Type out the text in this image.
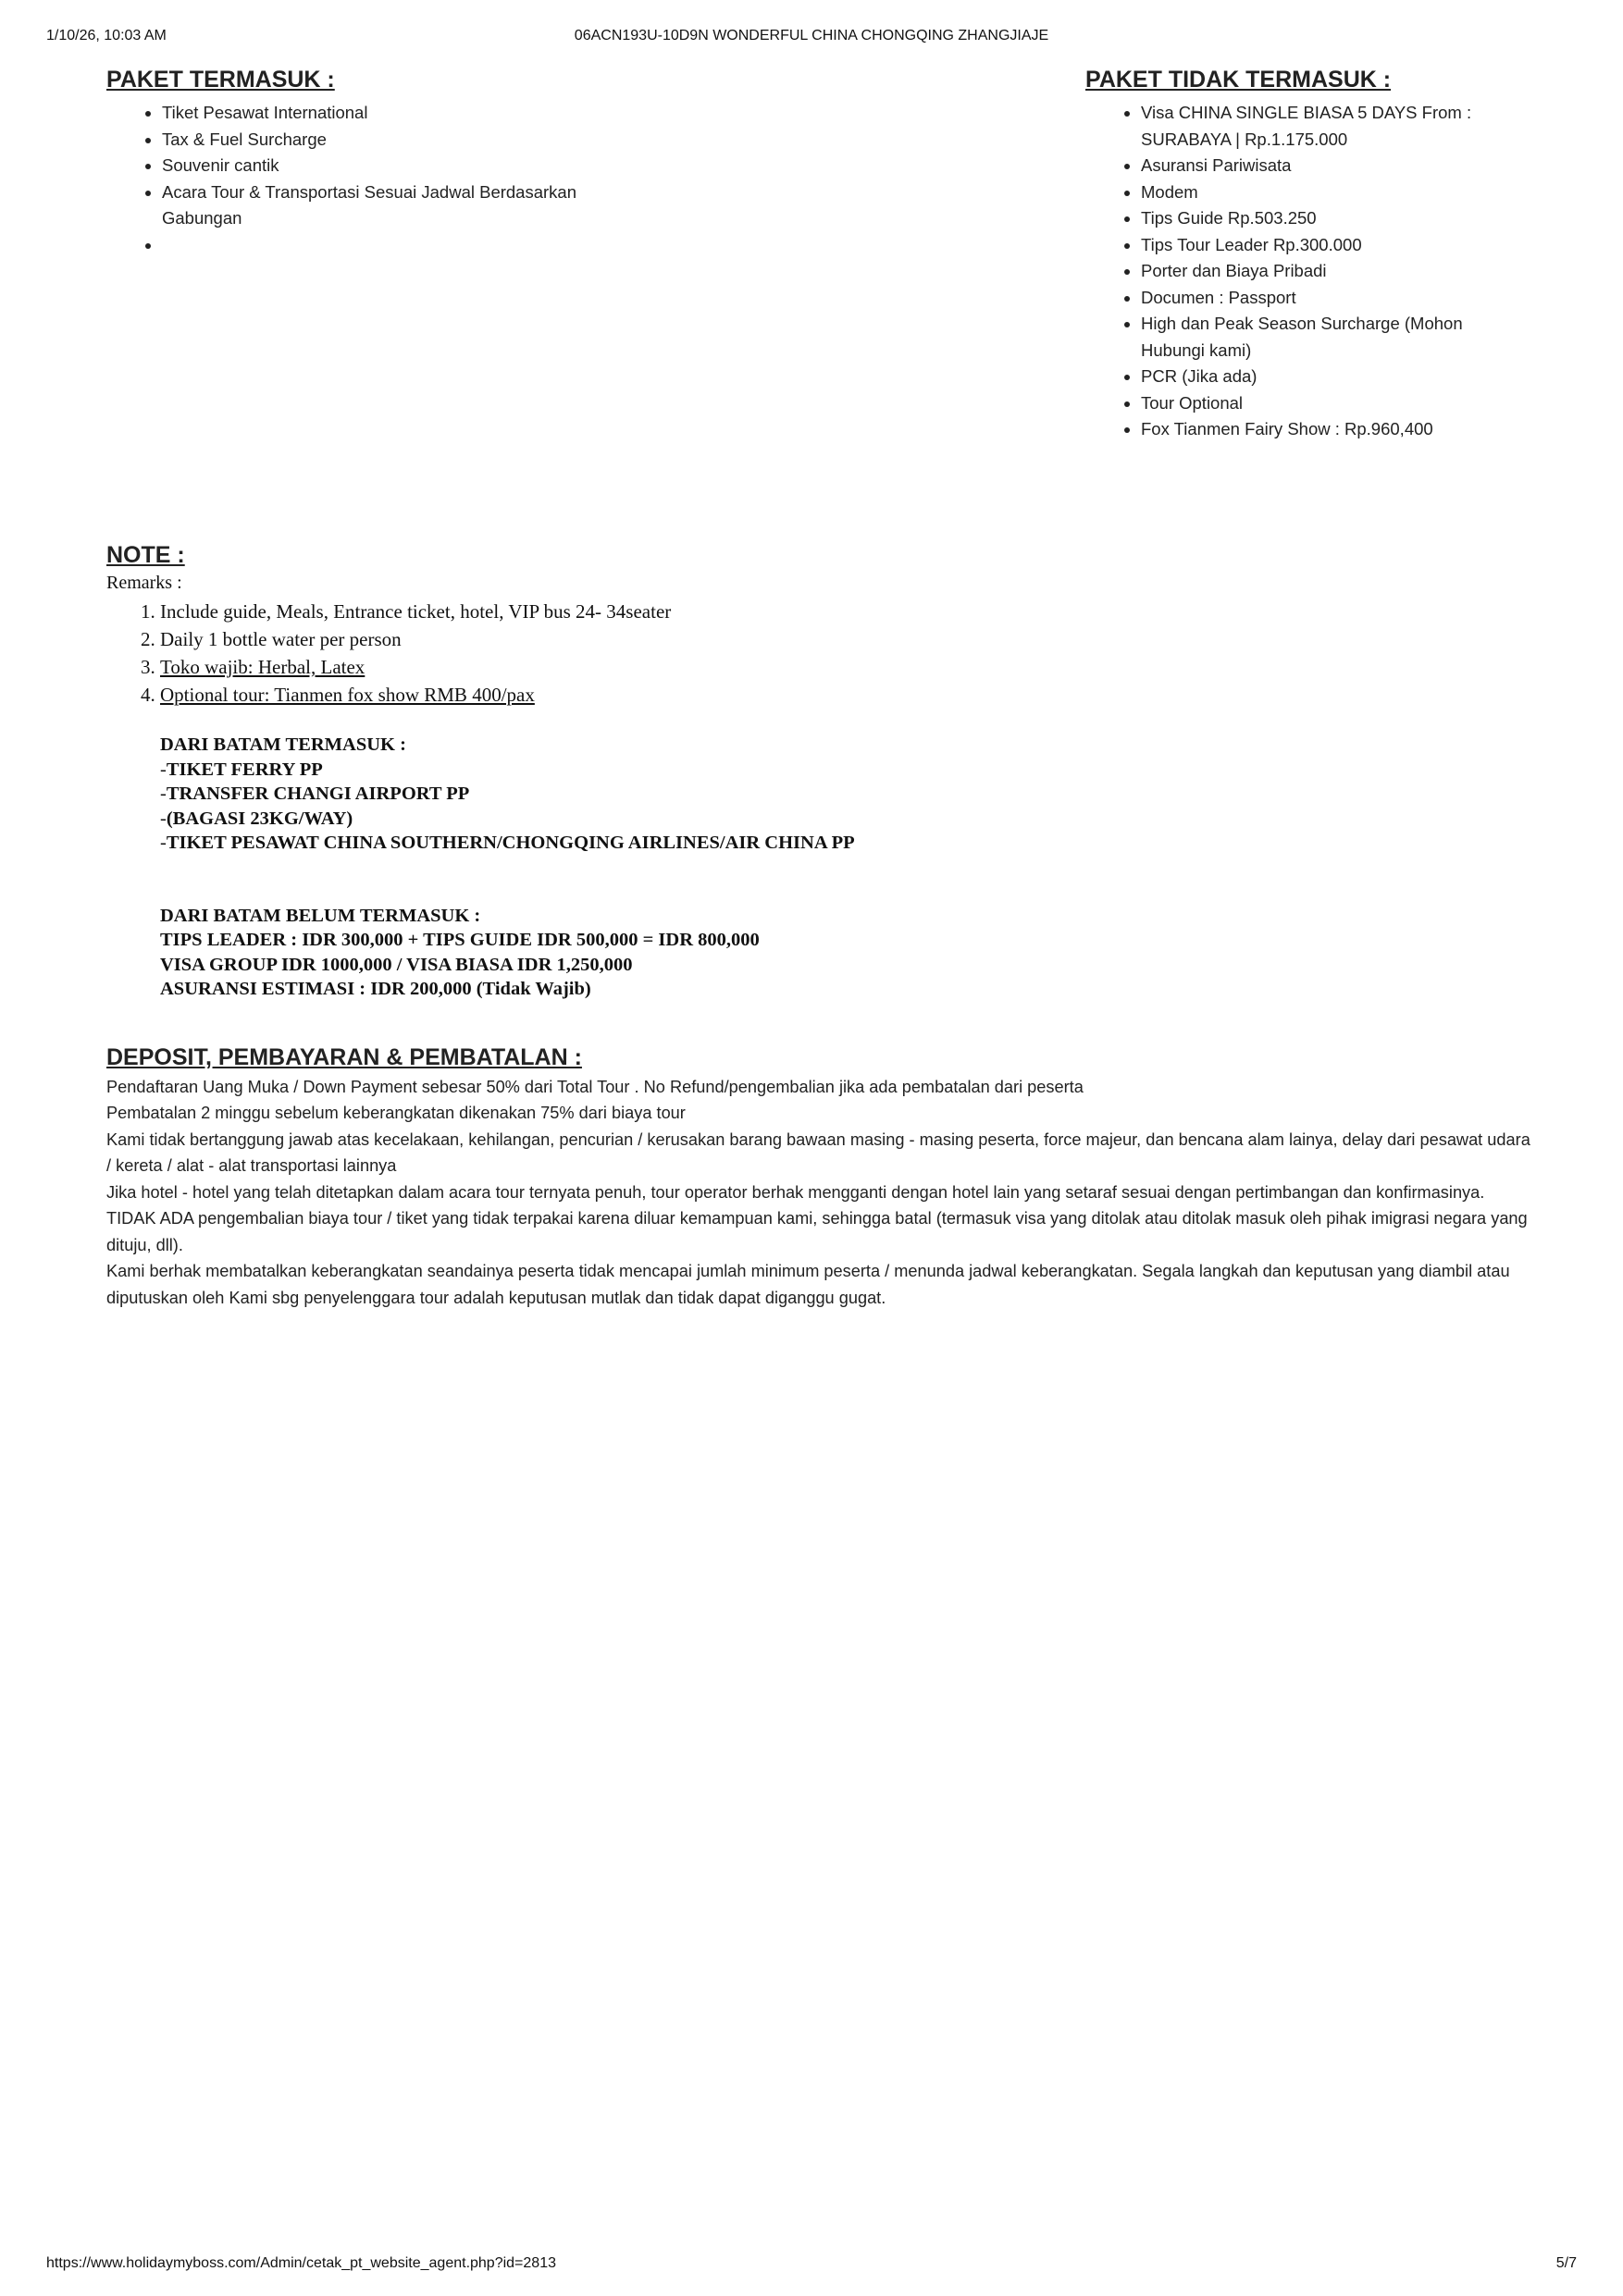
1/10/26, 10:03 AM	06ACN193U-10D9N WONDERFUL CHINA CHONGQING ZHANGJIAJE
PAKET TERMASUK :
• Tiket Pesawat International
• Tax & Fuel Surcharge
• Souvenir cantik
• Acara Tour & Transportasi Sesuai Jadwal Berdasarkan Gabungan
•
PAKET TIDAK TERMASUK :
• Visa CHINA SINGLE BIASA 5 DAYS From : SURABAYA | Rp.1.175.000
• Asuransi Pariwisata
• Modem
• Tips Guide Rp.503.250
• Tips Tour Leader Rp.300.000
• Porter dan Biaya Pribadi
• Documen : Passport
• High dan Peak Season Surcharge (Mohon Hubungi kami)
• PCR (Jika ada)
• Tour Optional
• Fox Tianmen Fairy Show : Rp.960,400
NOTE :
Remarks :
1. Include guide, Meals, Entrance ticket, hotel, VIP bus 24- 34seater
2. Daily 1 bottle water per person
3. Toko wajib: Herbal, Latex
4. Optional tour: Tianmen fox show RMB 400/pax
DARI BATAM TERMASUK :
-TIKET FERRY PP
-TRANSFER CHANGI AIRPORT PP
-(BAGASI 23KG/WAY)
-TIKET PESAWAT CHINA SOUTHERN/CHONGQING AIRLINES/AIR CHINA PP
DARI BATAM BELUM TERMASUK :
TIPS LEADER : IDR 300,000 + TIPS GUIDE IDR 500,000 = IDR 800,000
VISA GROUP IDR 1000,000 / VISA BIASA IDR 1,250,000
ASURANSI ESTIMASI : IDR 200,000 (Tidak Wajib)
DEPOSIT, PEMBAYARAN & PEMBATALAN :

Pendaftaran Uang Muka / Down Payment sebesar 50% dari Total Tour . No Refund/pengembalian jika ada pembatalan dari peserta

Pembatalan 2 minggu sebelum keberangkatan dikenakan 75% dari biaya tour

Kami tidak bertanggung jawab atas kecelakaan, kehilangan, pencurian / kerusakan barang bawaan masing - masing peserta, force majeur, dan bencana alam lainya, delay dari pesawat udara / kereta / alat - alat transportasi lainnya

Jika hotel - hotel yang telah ditetapkan dalam acara tour ternyata penuh, tour operator berhak mengganti dengan hotel lain yang setaraf sesuai dengan pertimbangan dan konfirmasinya.

TIDAK ADA pengembalian biaya tour / tiket yang tidak terpakai karena diluar kemampuan kami, sehingga batal (termasuk visa yang ditolak atau ditolak masuk oleh pihak imigrasi negara yang dituju, dll).

Kami berhak membatalkan keberangkatan seandainya peserta tidak mencapai jumlah minimum peserta / menunda jadwal keberangkatan. Segala langkah dan keputusan yang diambil atau diputuskan oleh Kami sbg penyelenggara tour adalah keputusan mutlak dan tidak dapat diganggu gugat.

https://www.holidaymyboss.com/Admin/cetak_pt_website_agent.php?id=2813	5/7
